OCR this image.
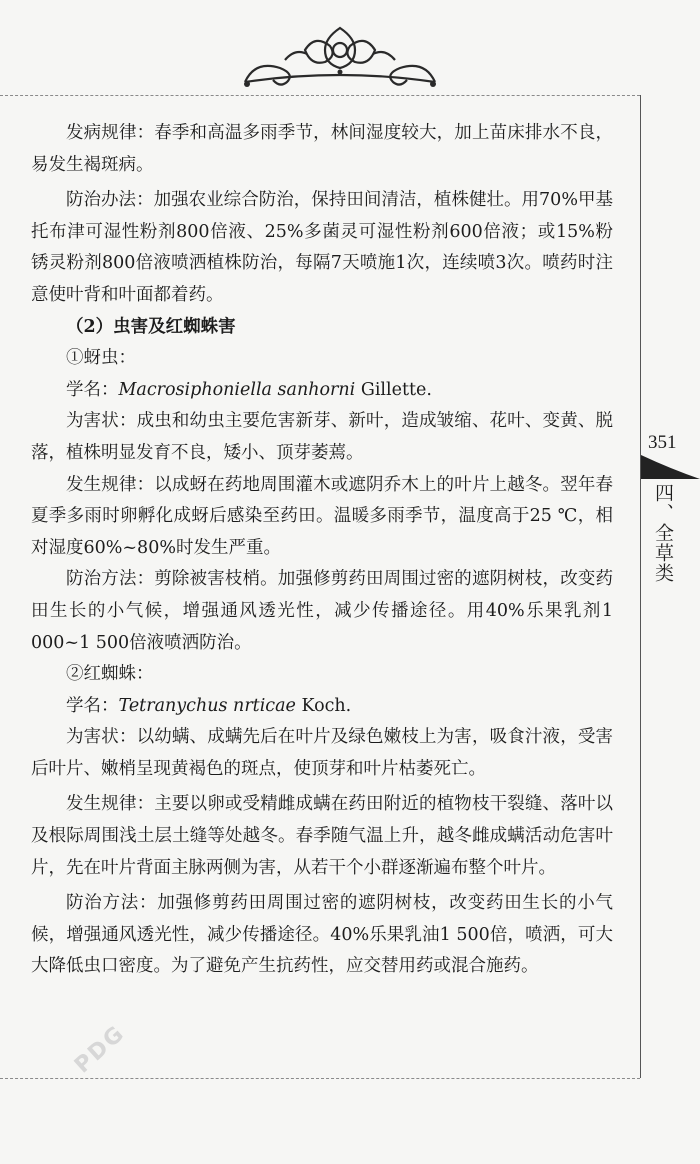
351
四、全草类

发病规律：春季和高温多雨季节，林间湿度较大，加上苗床排水不良，易发生褐斑病。

防治办法：加强农业综合防治，保持田间清洁，植株健壮。用70%甲基托布津可湿性粉剂800倍液、25%多菌灵可湿性粉剂600倍液；或15%粉锈灵粉剂800倍液喷洒植株防治，每隔7天喷施1次，连续喷3次。喷药时注意使叶背和叶面都着药。

（2）虫害及红蜘蛛害

①蚜虫：

学名：Macrosiphoniella sanhorni Gillette.

为害状：成虫和幼虫主要危害新芽、新叶，造成皱缩、花叶、变黄、脱落，植株明显发育不良，矮小、顶芽萎蔫。

发生规律：以成蚜在药地周围灌木或遮阴乔木上的叶片上越冬。翌年春夏季多雨时卵孵化成蚜后感染至药田。温暖多雨季节，温度高于25 ℃，相对湿度60%~80%时发生严重。

防治方法：剪除被害枝梢。加强修剪药田周围过密的遮阴树枝，改变药田生长的小气候，增强通风透光性，减少传播途径。用40%乐果乳剂1 000~1 500倍液喷洒防治。

②红蜘蛛：

学名：Tetranychus nrticae Koch.

为害状：以幼螨、成螨先后在叶片及绿色嫩枝上为害，吸食汁液，受害后叶片、嫩梢呈现黄褐色的斑点，使顶芽和叶片枯萎死亡。

发生规律：主要以卵或受精雌成螨在药田附近的植物枝干裂缝、落叶以及根际周围浅土层土缝等处越冬。春季随气温上升，越冬雌成螨活动危害叶片，先在叶片背面主脉两侧为害，从若干个小群逐渐遍布整个叶片。

防治方法：加强修剪药田周围过密的遮阴树枝，改变药田生长的小气候，增强通风透光性，减少传播途径。40%乐果乳油1 500倍，喷洒，可大大降低虫口密度。为了避免产生抗药性，应交替用药或混合施药。

PDG
